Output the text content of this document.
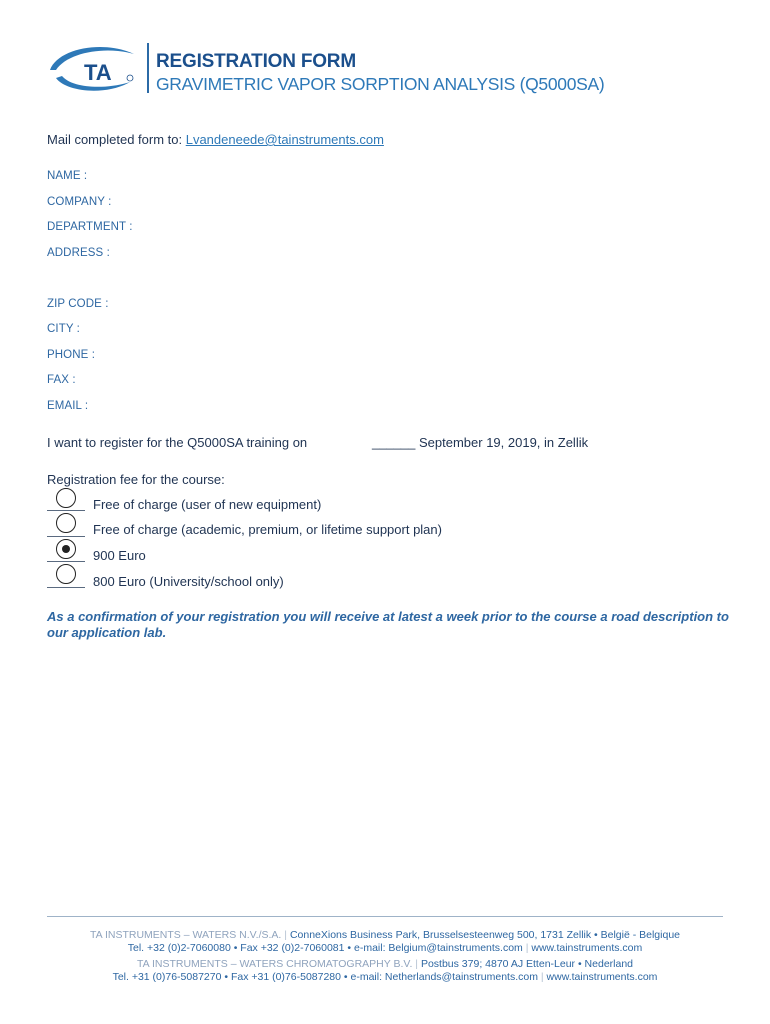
TA REGISTRATION FORM
GRAVIMETRIC VAPOR SORPTION ANALYSIS (Q5000SA)
Mail completed form to: Lvandeneede@tainstruments.com
NAME :
COMPANY :
DEPARTMENT :
ADDRESS :
ZIP CODE :
CITY :
PHONE :
FAX :
EMAIL :
I want to register for the Q5000SA training on	______ September 19, 2019, in Zellik
Registration fee for the course:
Free of charge (user of new equipment)
Free of charge (academic, premium, or lifetime support plan)
900 Euro
800 Euro (University/school only)
As a confirmation of your registration you will receive at latest a week prior to the course a road description to our application lab.
TA INSTRUMENTS – WATERS N.V./S.A. | ConneXions Business Park, Brusselsesteenweg 500, 1731 Zellik • België - Belgique
Tel. +32 (0)2-7060080 • Fax +32 (0)2-7060081 • e-mail: Belgium@tainstruments.com | www.tainstruments.com
TA INSTRUMENTS – WATERS CHROMATOGRAPHY B.V. | Postbus 379; 4870 AJ Etten-Leur • Nederland
Tel. +31 (0)76-5087270 • Fax +31 (0)76-5087280 • e-mail: Netherlands@tainstruments.com | www.tainstruments.com
